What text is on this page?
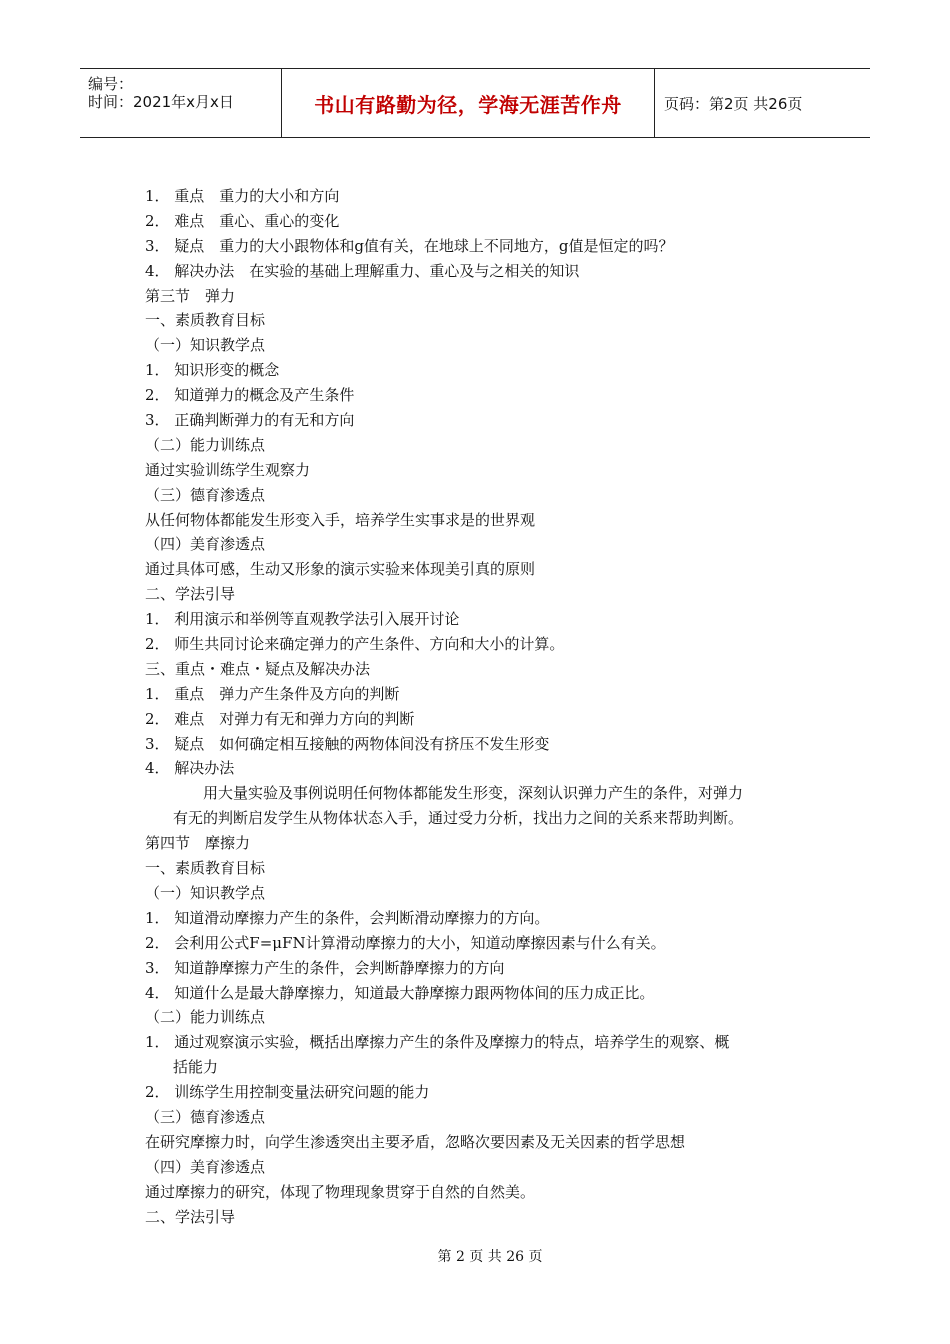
编号：
时间：2021年x月x日	书山有路勤为径，学海无涯苦作舟	页码：第2页 共26页
1． 重点　重力的大小和方向
2． 难点　重心、重心的变化
3． 疑点　重力的大小跟物体和g值有关，在地球上不同地方，g值是恒定的吗？
4． 解决办法　在实验的基础上理解重力、重心及与之相关的知识
第三节　弹力
一、素质教育目标
（一）知识教学点
1． 知识形变的概念
2． 知道弹力的概念及产生条件
3． 正确判断弹力的有无和方向
（二）能力训练点
通过实验训练学生观察力
（三）德育渗透点
从任何物体都能发生形变入手，培养学生实事求是的世界观
（四）美育渗透点
通过具体可感，生动又形象的演示实验来体现美引真的原则
二、学法引导
1． 利用演示和举例等直观教学法引入展开讨论
2． 师生共同讨论来确定弹力的产生条件、方向和大小的计算。
三、重点・难点・疑点及解决办法
1． 重点　弹力产生条件及方向的判断
2． 难点　对弹力有无和弹力方向的判断
3． 疑点　如何确定相互接触的两物体间没有挤压不发生形变
4． 解决办法
用大量实验及事例说明任何物体都能发生形变，深刻认识弹力产生的条件，对弹力
有无的判断启发学生从物体状态入手，通过受力分析，找出力之间的关系来帮助判断。
第四节　摩擦力
一、素质教育目标
（一）知识教学点
1． 知道滑动摩擦力产生的条件，会判断滑动摩擦力的方向。
2． 会利用公式F=μFN计算滑动摩擦力的大小，知道动摩擦因素与什么有关。
3． 知道静摩擦力产生的条件，会判断静摩擦力的方向
4． 知道什么是最大静摩擦力，知道最大静摩擦力跟两物体间的压力成正比。
（二）能力训练点
1． 通过观察演示实验，概括出摩擦力产生的条件及摩擦力的特点，培养学生的观察、概
括能力
2． 训练学生用控制变量法研究问题的能力
（三）德育渗透点
在研究摩擦力时，向学生渗透突出主要矛盾，忽略次要因素及无关因素的哲学思想
（四）美育渗透点
通过摩擦力的研究，体现了物理现象贯穿于自然的自然美。
二、学法引导
第 2 页 共 26 页
